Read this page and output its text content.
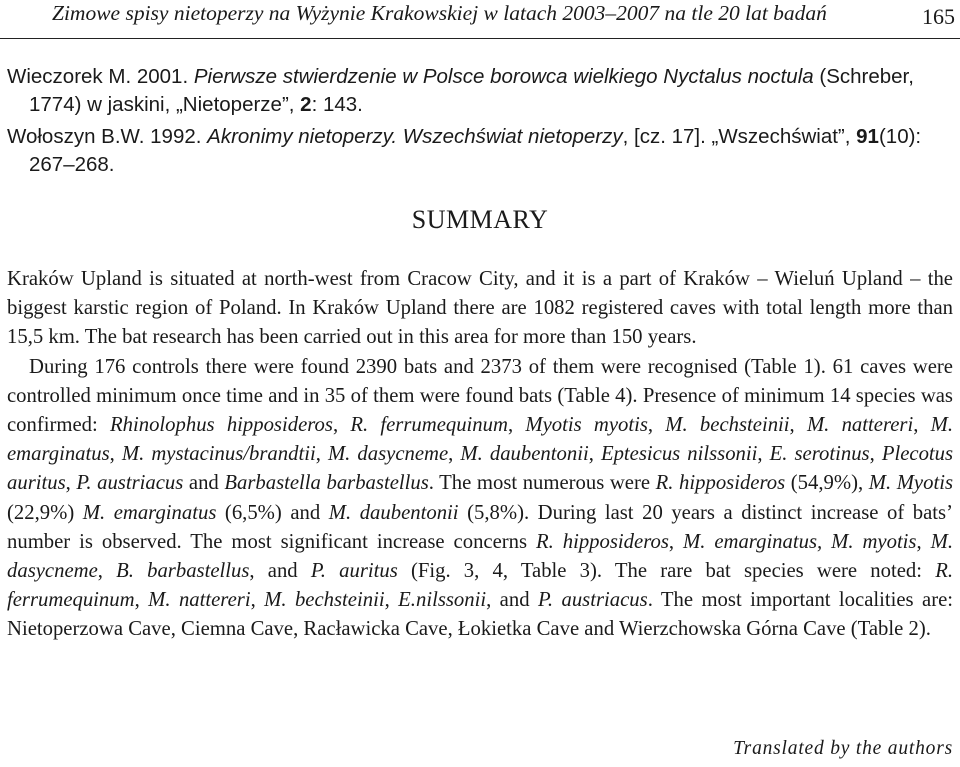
Zimowe spisy nietoperzy na Wyżynie Krakowskiej w latach 2003–2007 na tle 20 lat badań	165
Wieczorek M. 2001. Pierwsze stwierdzenie w Polsce borowca wielkiego Nyctalus noctula (Schreber, 1774) w jaskini, „Nietoperze”, 2: 143.
Wołoszyn B.W. 1992. Akronimy nietoperzy. Wszechświat nietoperzy, [cz. 17]. „Wszechświat”, 91(10): 267–268.
SUMMARY

Kraków Upland is situated at north-west from Cracow City, and it is a part of Kraków – Wieluń Upland – the biggest karstic region of Poland. In Kraków Upland there are 1082 registered caves with total length more than 15,5 km. The bat research has been carried out in this area for more than 150 years.

During 176 controls there were found 2390 bats and 2373 of them were recognised (Table 1). 61 caves were controlled minimum once time and in 35 of them were found bats (Table 4). Presence of minimum 14 species was confirmed: Rhinolophus hipposideros, R. ferrumequinum, Myotis myotis, M. bechsteinii, M. nattereri, M. emarginatus, M. mystacinus/brandtii, M. dasycneme, M. daubentonii, Eptesicus nilssonii, E. serotinus, Plecotus auritus, P. austriacus and Barbastella barbastellus. The most numerous were R. hipposideros (54,9%), M. Myotis (22,9%) M. emarginatus (6,5%) and M. daubentonii (5,8%). During last 20 years a distinct increase of bats’ number is observed. The most significant increase concerns R. hipposideros, M. emarginatus, M. myotis, M. dasycneme, B. barbastellus, and P. auritus (Fig. 3, 4, Table 3). The rare bat species were noted: R. ferrumequinum, M. nattereri, M. bechsteinii, E.nilssonii, and P. austriacus. The most important localities are: Nietoperzowa Cave, Ciemna Cave, Racławicka Cave, Łokietka Cave and Wierzchowska Górna Cave (Table 2).

Translated by the authors
